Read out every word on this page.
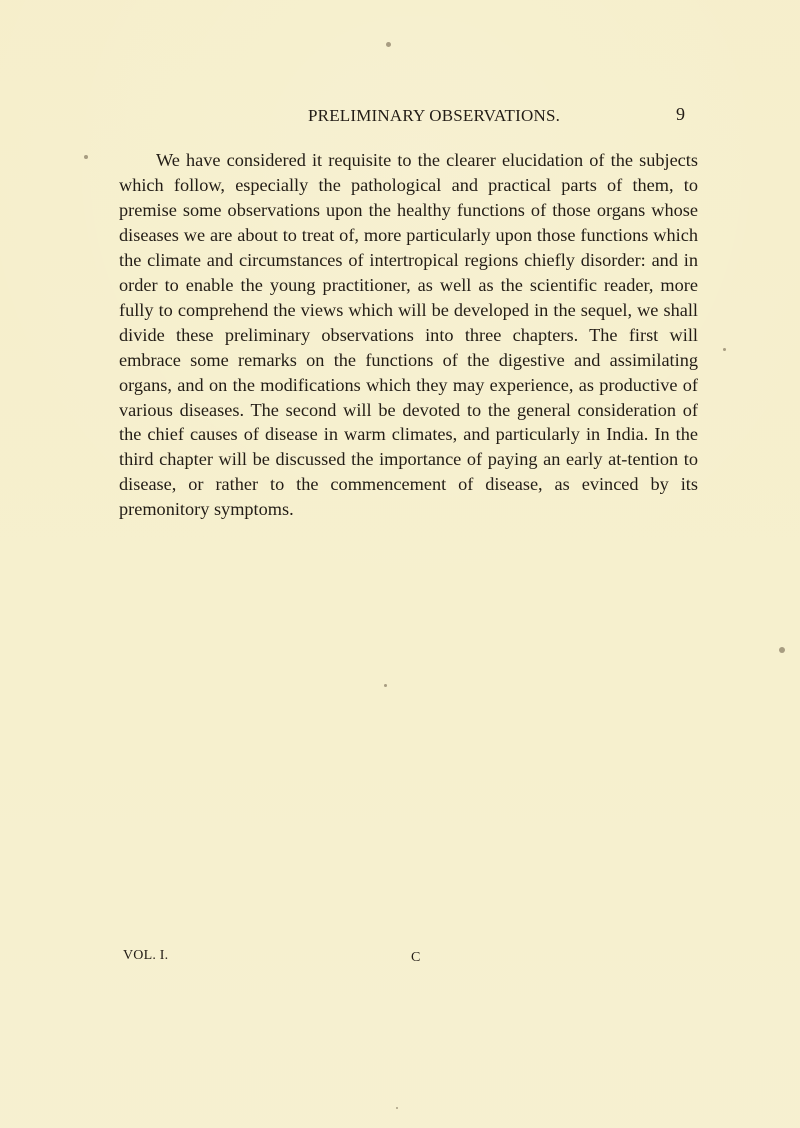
PRELIMINARY OBSERVATIONS.	9

We have considered it requisite to the clearer elucidation of the subjects which follow, especially the pathological and practical parts of them, to premise some observations upon the healthy functions of those organs whose diseases we are about to treat of, more particularly upon those functions which the climate and circumstances of intertropical regions chiefly disorder: and in order to enable the young practitioner, as well as the scientific reader, more fully to comprehend the views which will be developed in the sequel, we shall divide these preliminary observations into three chapters. The first will embrace some remarks on the functions of the digestive and assimilating organs, and on the modifications which they may experience, as productive of various diseases. The second will be devoted to the general consideration of the chief causes of disease in warm climates, and particularly in India. In the third chapter will be discussed the importance of paying an early at-tention to disease, or rather to the commencement of disease, as evinced by its premonitory symptoms.

VOL. I.	C
